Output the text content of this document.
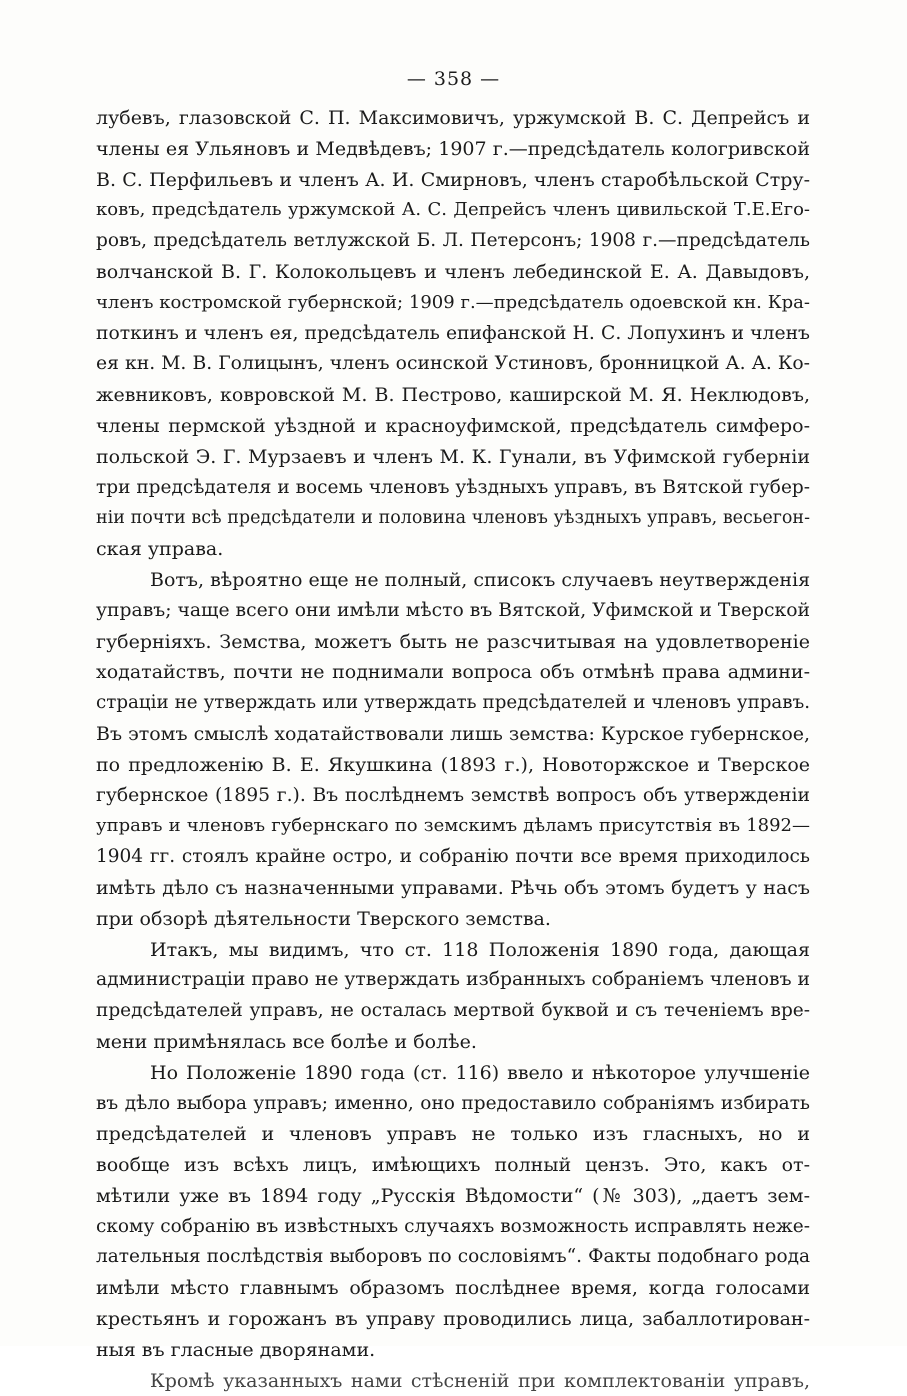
— 358 —
лубевъ, глазовской С. П. Максимовичъ, уржумской В. С. Депрейсъ и
члены ея Ульяновъ и Медвѣдевъ; 1907 г.—предсѣдатель кологривской
В. С. Перфильевъ и членъ А. И. Смирновъ, членъ старобѣльской Стру-
ковъ, предсѣдатель уржумской А. С. Депрейсъ членъ цивильской Т.Е.Его-
ровъ, предсѣдатель ветлужской Б. Л. Петерсонъ; 1908 г.—предсѣдатель
волчанской В. Г. Колокольцевъ и членъ лебединской Е. А. Давыдовъ,
членъ костромской губернской; 1909 г.—предсѣдатель одоевской кн. Кра-
поткинъ и членъ ея, предсѣдатель епифанской Н. С. Лопухинъ и членъ
ея кн. М. В. Голицынъ, членъ осинской Устиновъ, бронницкой А. А. Ко-
жевниковъ, ковровской М. В. Пестрово, каширской М. Я. Неклюдовъ,
члены пермской уѣздной и красноуфимской, предсѣдатель симферо-
польской Э. Г. Мурзаевъ и членъ М. К. Гунали, въ Уфимской губерніи
три предсѣдателя и восемь членовъ уѣздныхъ управъ, въ Вятской губер-
ніи почти всѣ предсѣдатели и половина членовъ уѣздныхъ управъ, весьегон-
ская управа.
Вотъ, вѣроятно еще не полный, списокъ случаевъ неутвержденія
управъ; чаще всего они имѣли мѣсто въ Вятской, Уфимской и Тверской
губерніяхъ. Земства, можетъ быть не разсчитывая на удовлетвореніе
ходатайствъ, почти не поднимали вопроса объ отмѣнѣ права админи-
страціи не утверждать или утверждать предсѣдателей и членовъ управъ.
Въ этомъ смыслѣ ходатайствовали лишь земства: Курское губернское,
по предложенію В. Е. Якушкина (1893 г.), Новоторжское и Тверское
губернское (1895 г.). Въ послѣднемъ земствѣ вопросъ объ утвержденіи
управъ и членовъ губернскаго по земскимъ дѣламъ присутствія въ 1892—
1904 гг. стоялъ крайне остро, и собранію почти все время приходилось
имѣть дѣло съ назначенными управами. Рѣчь объ этомъ будетъ у насъ
при обзорѣ дѣятельности Тверского земства.
Итакъ, мы видимъ, что ст. 118 Положенія 1890 года, дающая
администраціи право не утверждать избранныхъ собраніемъ членовъ и
предсѣдателей управъ, не осталась мертвой буквой и съ теченіемъ вре-
мени примѣнялась все болѣе и болѣе.
Но Положеніе 1890 года (ст. 116) ввело и нѣкоторое улучшеніе
въ дѣло выбора управъ; именно, оно предоставило собраніямъ избирать
предсѣдателей и членовъ управъ не только изъ гласныхъ, но и
вообще изъ всѣхъ лицъ, имѣющихъ полный цензъ. Это, какъ от-
мѣтили уже въ 1894 году „Русскія Вѣдомости“ (№ 303), „даетъ зем-
скому собранію въ извѣстныхъ случаяхъ возможность исправлять нежe-
лательныя послѣдствія выборовъ по сословіямъ“. Факты подобнаго рода
имѣли мѣсто главнымъ образомъ послѣднее время, когда голосами
крестьянъ и горожанъ въ управу проводились лица, забаллотирован-
ныя въ гласные дворянами.
Кромѣ указанныхъ нами стѣсненій при комплектованіи управъ,
